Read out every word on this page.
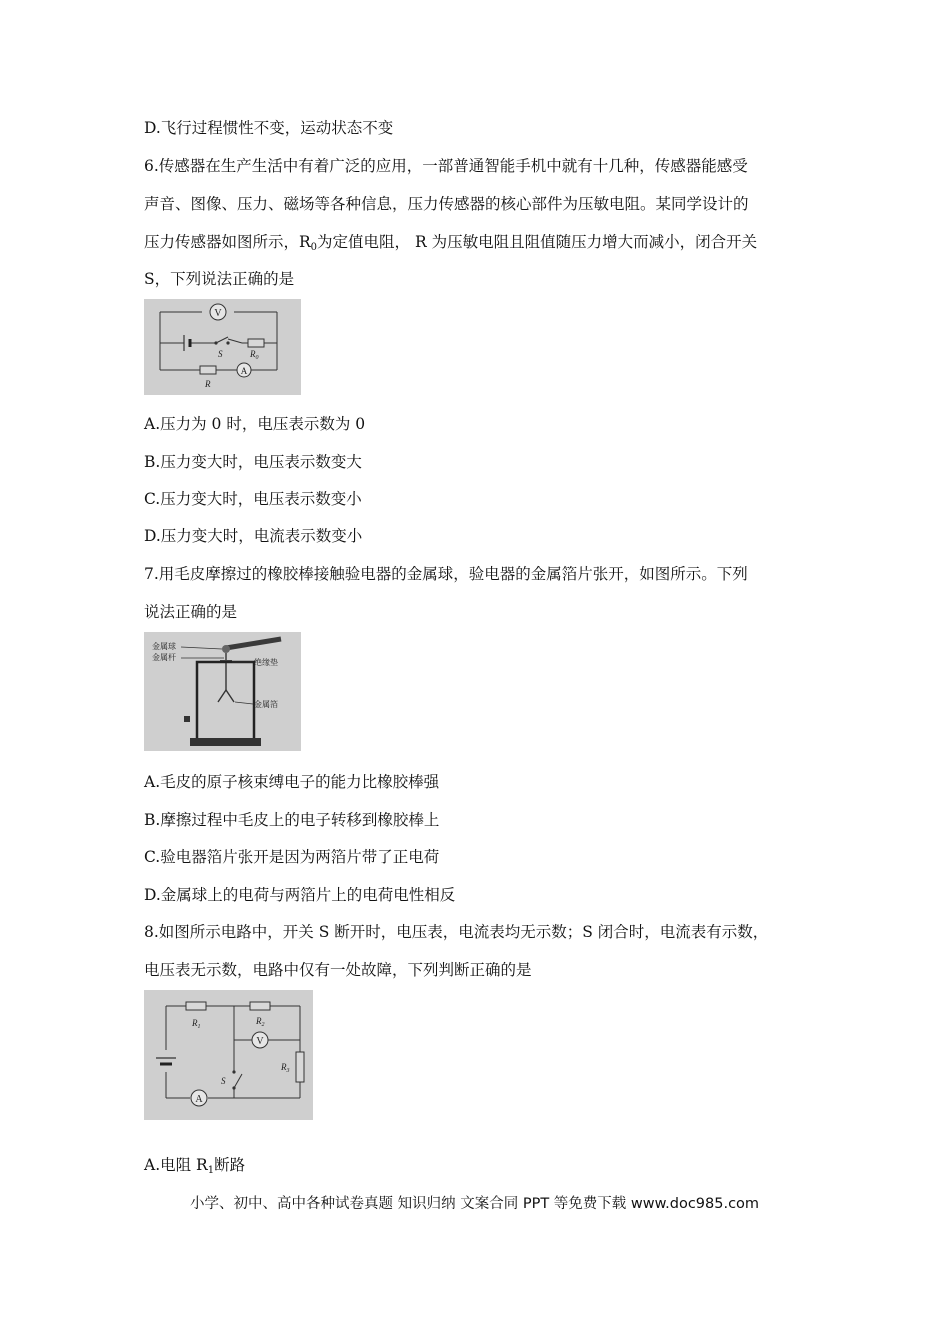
D.飞行过程惯性不变，运动状态不变
6.传感器在生产生活中有着广泛的应用，一部普通智能手机中就有十几种，传感器能感受
声音、图像、压力、磁场等各种信息，压力传感器的核心部件为压敏电阻。某同学设计的
压力传感器如图所示，$R_0$为定值电阻， R 为压敏电阻且阻值随压力增大而减小，闭合开关
S，下列说法正确的是
V
S	$R_0$
R
A
A.压力为 0 时，电压表示数为 0
B.压力变大时，电压表示数变大
C.压力变大时，电压表示数变小
D.压力变大时，电流表示数变小
7.用毛皮摩擦过的橡胶棒接触验电器的金属球，验电器的金属箔片张开，如图所示。下列
说法正确的是
金属球
金属杆
绝缘垫
金属箔
A.毛皮的原子核束缚电子的能力比橡胶棒强
B.摩擦过程中毛皮上的电子转移到橡胶棒上
C.验电器箔片张开是因为两箔片带了正电荷
D.金属球上的电荷与两箔片上的电荷电性相反
8.如图所示电路中，开关 S 断开时，电压表，电流表均无示数；S 闭合时，电流表有示数，
电压表无示数，电路中仅有一处故障，下列判断正确的是
$R_1$
$R_2$
V
$R_3$
S
A
A.电阻 $R_1$断路
小学、初中、高中各种试卷真题 知识归纳 文案合同 PPT 等免费下载 www.doc985.com
